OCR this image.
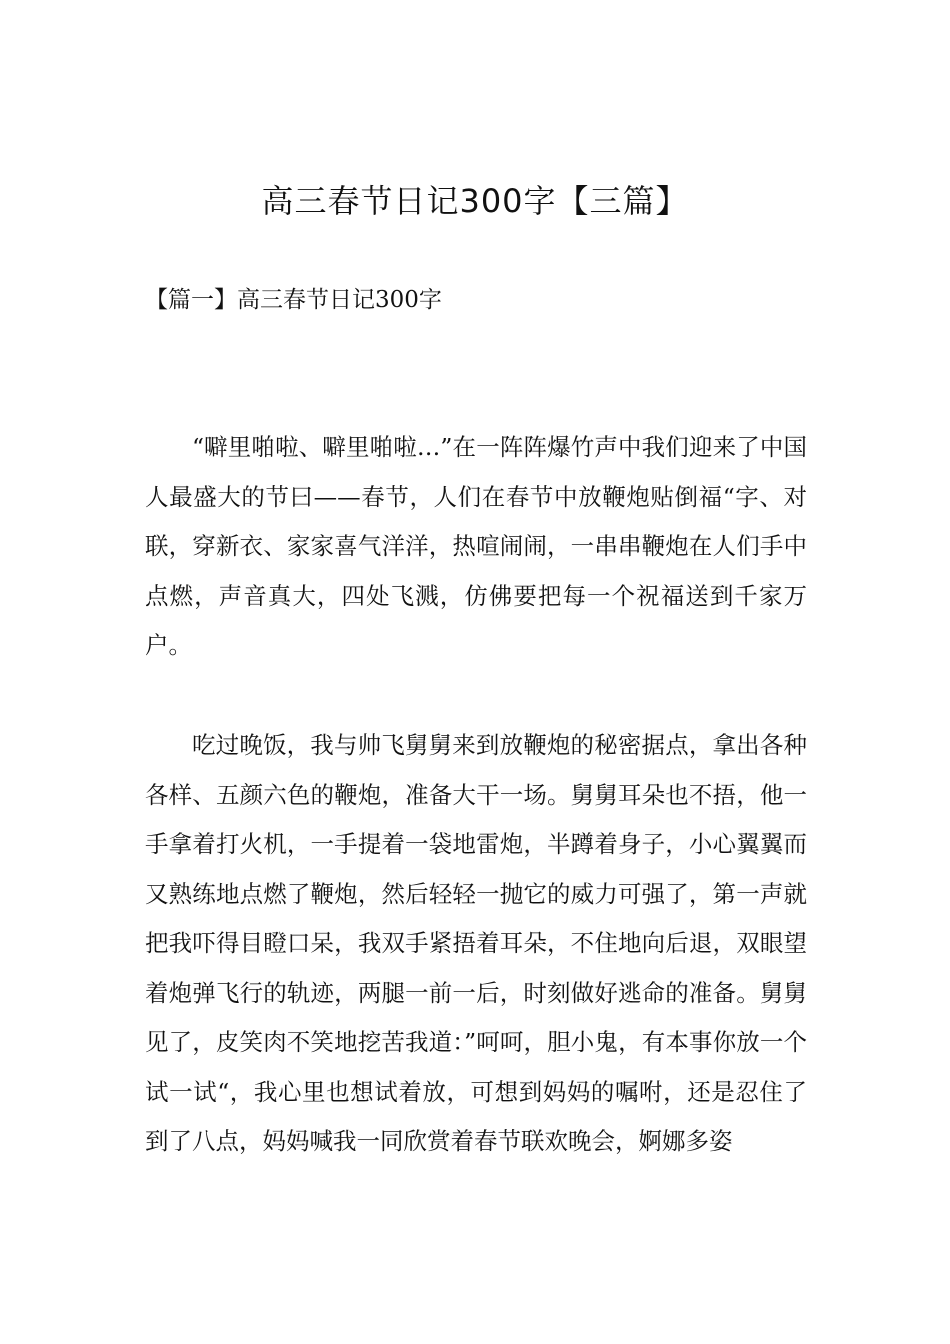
高三春节日记300字【三篇】
【篇一】高三春节日记300字

“噼里啪啦、噼里啪啦…”在一阵阵爆竹声中我们迎来了中国人最盛大的节曰——春节，人们在春节中放鞭炮贴倒福“字、对联，穿新衣、家家喜气洋洋，热喧闹闹，一串串鞭炮在人们手中点燃，声音真大，四处飞溅，仿佛要把每一个祝福送到千家万户。

吃过晚饭，我与帅飞舅舅来到放鞭炮的秘密据点，拿出各种各样、五颜六色的鞭炮，准备大干一场。舅舅耳朵也不捂，他一手拿着打火机，一手提着一袋地雷炮，半蹲着身子，小心翼翼而又熟练地点燃了鞭炮，然后轻轻一抛它的威力可强了，第一声就把我吓得目瞪口呆，我双手紧捂着耳朵，不住地向后退，双眼望着炮弹飞行的轨迹，两腿一前一后，时刻做好逃命的准备。舅舅见了，皮笑肉不笑地挖苦我道：”呵呵，胆小鬼，有本事你放一个试一试“，我心里也想试着放，可想到妈妈的嘱咐，还是忍住了到了八点，妈妈喊我一同欣赏着春节联欢晚会，婀娜多姿
